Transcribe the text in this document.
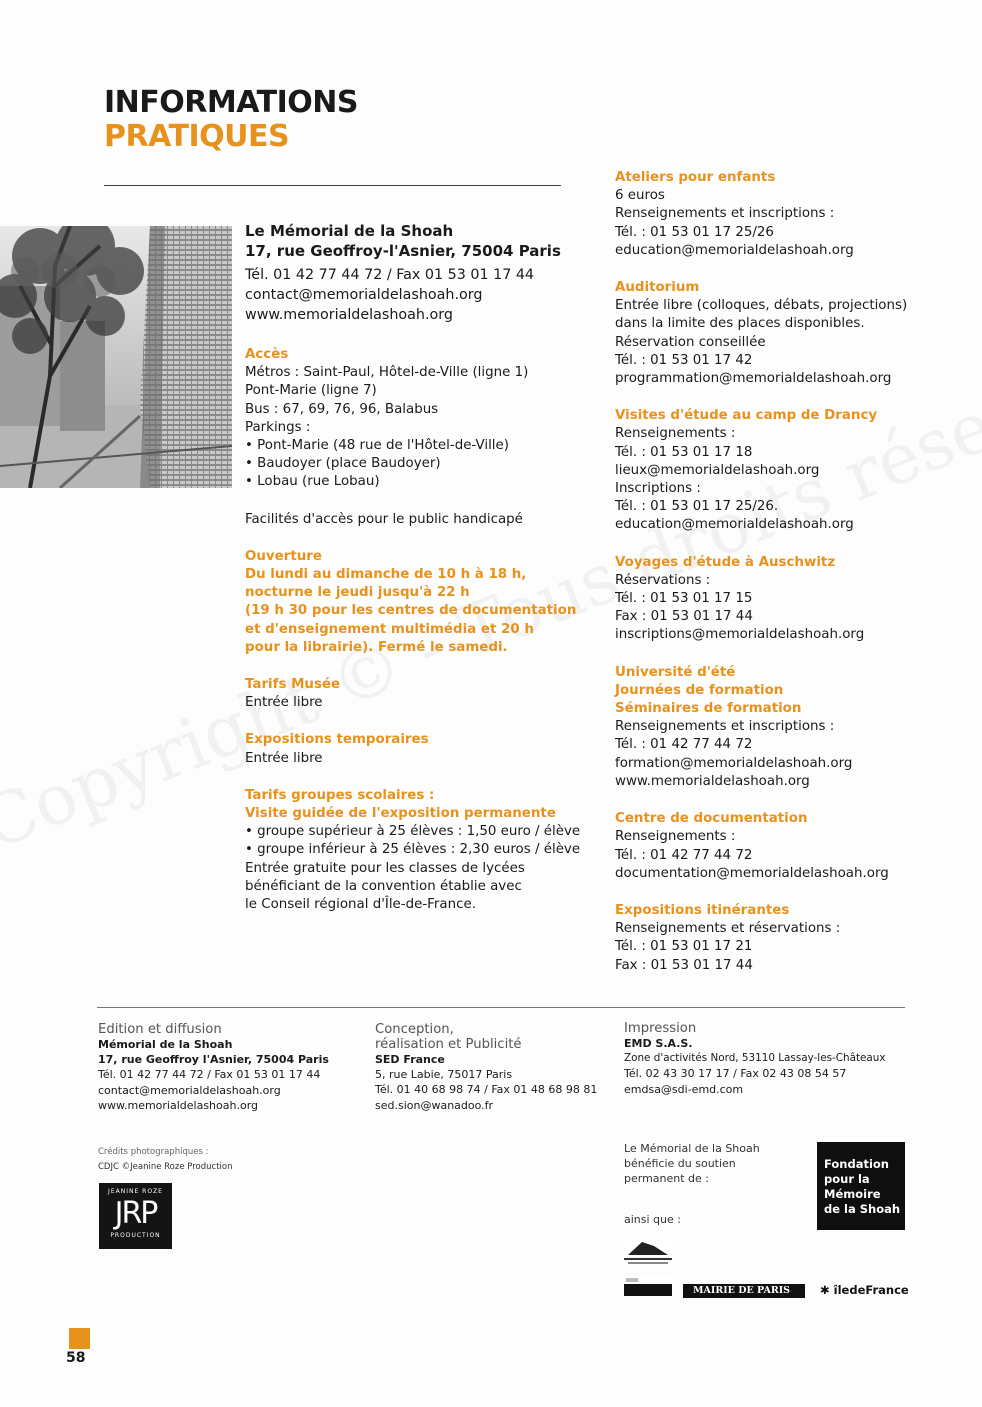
INFORMATIONS
PRATIQUES
Le Mémorial de la Shoah
17, rue Geoffroy-l'Asnier, 75004 Paris
Tél. 01 42 77 44 72 / Fax 01 53 01 17 44
contact@memorialdelashoah.org
www.memorialdelashoah.org
Accès
Métros : Saint-Paul, Hôtel-de-Ville (ligne 1)
Pont-Marie (ligne 7)
Bus : 67, 69, 76, 96, Balabus
Parkings :
• Pont-Marie (48 rue de l'Hôtel-de-Ville)
• Baudoyer (place Baudoyer)
• Lobau (rue Lobau)
Facilités d'accès pour le public handicapé
Ouverture
Du lundi au dimanche de 10 h à 18 h,
nocturne le jeudi jusqu'à 22 h
(19 h 30 pour les centres de documentation
et d'enseignement multimédia et 20 h
pour la librairie). Fermé le samedi.
Tarifs Musée
Entrée libre
Expositions temporaires
Entrée libre
Tarifs groupes scolaires :
Visite guidée de l'exposition permanente
• groupe supérieur à 25 élèves : 1,50 euro / élève
• groupe inférieur à 25 élèves : 2,30 euros / élève
Entrée gratuite pour les classes de lycées
bénéficiant de la convention établie avec
le Conseil régional d'Île-de-France.
Ateliers pour enfants
6 euros
Renseignements et inscriptions :
Tél. : 01 53 01 17 25/26
education@memorialdelashoah.org
Auditorium
Entrée libre (colloques, débats, projections)
dans la limite des places disponibles.
Réservation conseillée
Tél. : 01 53 01 17 42
programmation@memorialdelashoah.org
Visites d'étude au camp de Drancy
Renseignements :
Tél. : 01 53 01 17 18
lieux@memorialdelashoah.org
Inscriptions :
Tél. : 01 53 01 17 25/26.
education@memorialdelashoah.org
Voyages d'étude à Auschwitz
Réservations :
Tél. : 01 53 01 17 15
Fax : 01 53 01 17 44
inscriptions@memorialdelashoah.org
Université d'été
Journées de formation
Séminaires de formation
Renseignements et inscriptions :
Tél. : 01 42 77 44 72
formation@memorialdelashoah.org
www.memorialdelashoah.org
Centre de documentation
Renseignements :
Tél. : 01 42 77 44 72
documentation@memorialdelashoah.org
Expositions itinérantes
Renseignements et réservations :
Tél. : 01 53 01 17 21
Fax : 01 53 01 17 44
Edition et diffusion
Mémorial de la Shoah
17, rue Geoffroy l'Asnier, 75004 Paris
Tél. 01 42 77 44 72 / Fax 01 53 01 17 44
contact@memorialdelashoah.org
www.memorialdelashoah.org
Conception,
réalisation et Publicité
SED France
5, rue Labie, 75017 Paris
Tél. 01 40 68 98 74 / Fax 01 48 68 98 81
sed.sion@wanadoo.fr
Impression
EMD S.A.S.
Zone d'activités Nord, 53110 Lassay-les-Châteaux
Tél. 02 43 30 17 17 / Fax 02 43 08 54 57
emdsa@sdi-emd.com
Crédits photographiques :
CDJC ©Jeanine Roze Production
JEANINE ROZE
JRP
PRODUCTION
Le Mémorial de la Shoah
bénéficie du soutien
permanent de :
ainsi que :
Fondation
pour la
Mémoire
de la Shoah
MAIRIE DE PARIS	✱ îledeFrance
58
